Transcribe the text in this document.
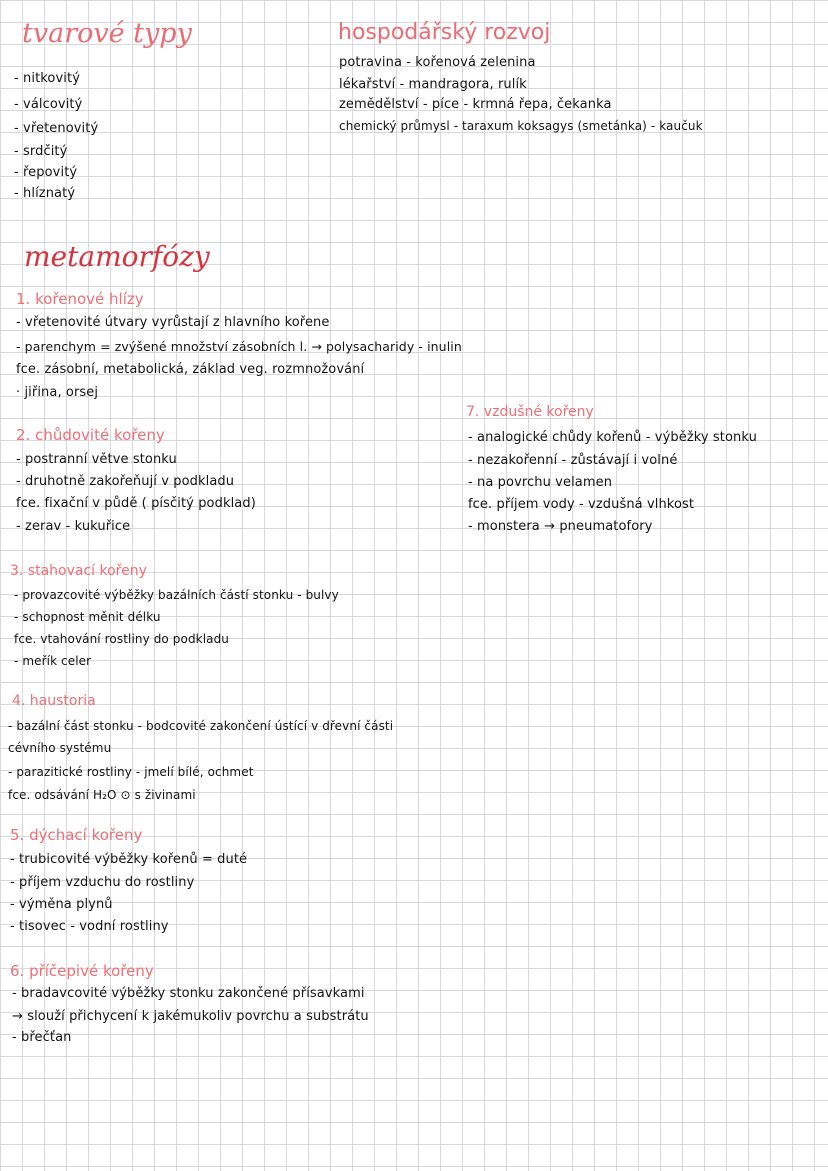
tvarové typy
- nitkovitý
- válcovitý
- vřetenovitý
- srdčitý
- řepovitý
- hlíznatý
hospodářský rozvoj
potravina - kořenová zelenina
lékařství - mandragora, rulík
zemědělství - píce - krmná řepa, čekanka
chemický průmysl - taraxum koksagys (smetánka) - kaučuk
metamorfózy
1. kořenové hlízy
- vřetenovité útvary vyrůstají z hlavního kořene
- parenchym = zvýšené množství zásobních l. → polysacharidy - inulin
fce. zásobní, metabolická, základ veg. rozmnožování
· jiřina, orsej
2. chůdovité kořeny
- postranní větve stonku
- druhotně zakořeňují v podkladu
fce. fixační v půdě ( písčitý podklad)
- zerav - kukuřice
3. stahovací kořeny
- provazcovité výběžky bazálních částí stonku - bulvy
- schopnost měnit délku
fce. vtahování rostliny do podkladu
- meřík celer
4. haustoria
- bazální část stonku - bodcovité zakončení ústící v dřevní části
cévního systému
- parazitické rostliny - jmelí bílé, ochmet
fce. odsávání H₂O ⊙ s živinami
5. dýchací kořeny
- trubicovité výběžky kořenů = duté
- příjem vzduchu do rostliny
- výměna plynů
- tisovec - vodní rostliny
6. příčepivé kořeny
- bradavcovité výběžky stonku zakončené přísavkami
→ slouží přichycení k jakémukoliv povrchu a substrátu
- břečťan
7. vzdušné kořeny
- analogické chůdy kořenů - výběžky stonku
- nezakořenní - zůstávají i volné
- na povrchu velamen
fce. příjem vody - vzdušná vlhkost
- monstera → pneumatofory
